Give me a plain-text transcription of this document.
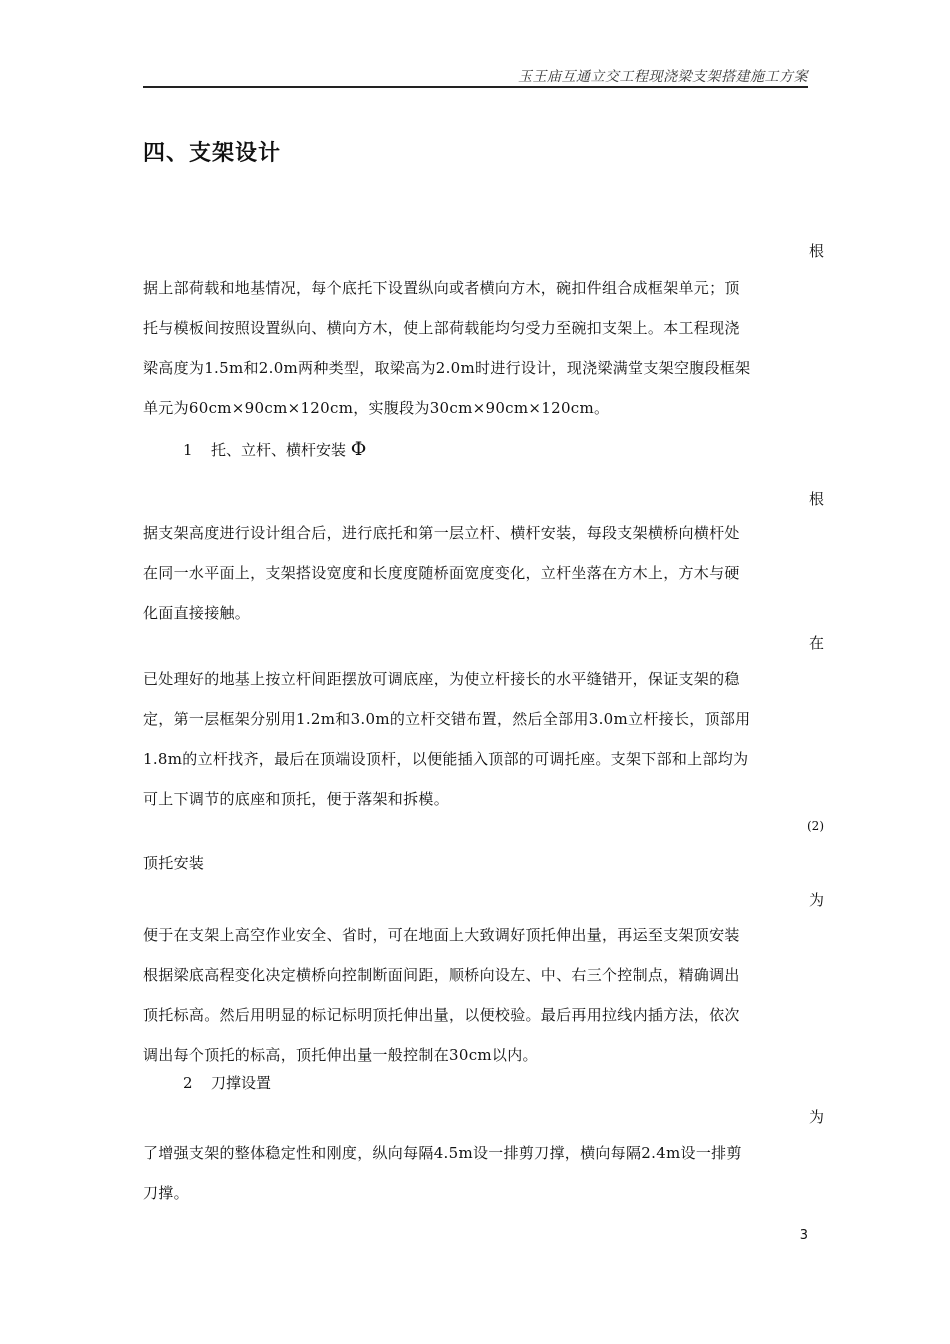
玉王庙互通立交工程现浇梁支架搭建施工方案
四、支架设计
根
据上部荷载和地基情况，每个底托下设置纵向或者横向方木，碗扣件组合成框架单元；顶
托与模板间按照设置纵向、横向方木，使上部荷载能均匀受力至碗扣支架上。本工程现浇
梁高度为1.5m和2.0m两种类型，取梁高为2.0m时进行设计，现浇梁满堂支架空腹段框架
单元为60cm×90cm×120cm，实腹段为30cm×90cm×120cm。
1 托、立杆、横杆安装 Φ
根
据支架高度进行设计组合后，进行底托和第一层立杆、横杆安装，每段支架横桥向横杆处
在同一水平面上，支架搭设宽度和长度度随桥面宽度变化，立杆坐落在方木上，方木与硬
化面直接接触。
在
已处理好的地基上按立杆间距摆放可调底座，为使立杆接长的水平缝错开，保证支架的稳
定，第一层框架分别用1.2m和3.0m的立杆交错布置，然后全部用3.0m立杆接长，顶部用
1.8m的立杆找齐，最后在顶端设顶杆，以便能插入顶部的可调托座。支架下部和上部均为
可上下调节的底座和顶托，便于落架和拆模。
(2)
顶托安装
为
便于在支架上高空作业安全、省时，可在地面上大致调好顶托伸出量，再运至支架顶安装
根据梁底高程变化决定横桥向控制断面间距，顺桥向设左、中、右三个控制点，精确调出
顶托标高。然后用明显的标记标明顶托伸出量，以便校验。最后再用拉线内插方法，依次
调出每个顶托的标高，顶托伸出量一般控制在30cm以内。
2 刀撑设置
为
了增强支架的整体稳定性和刚度，纵向每隔4.5m设一排剪刀撑，横向每隔2.4m设一排剪
刀撑。
3
